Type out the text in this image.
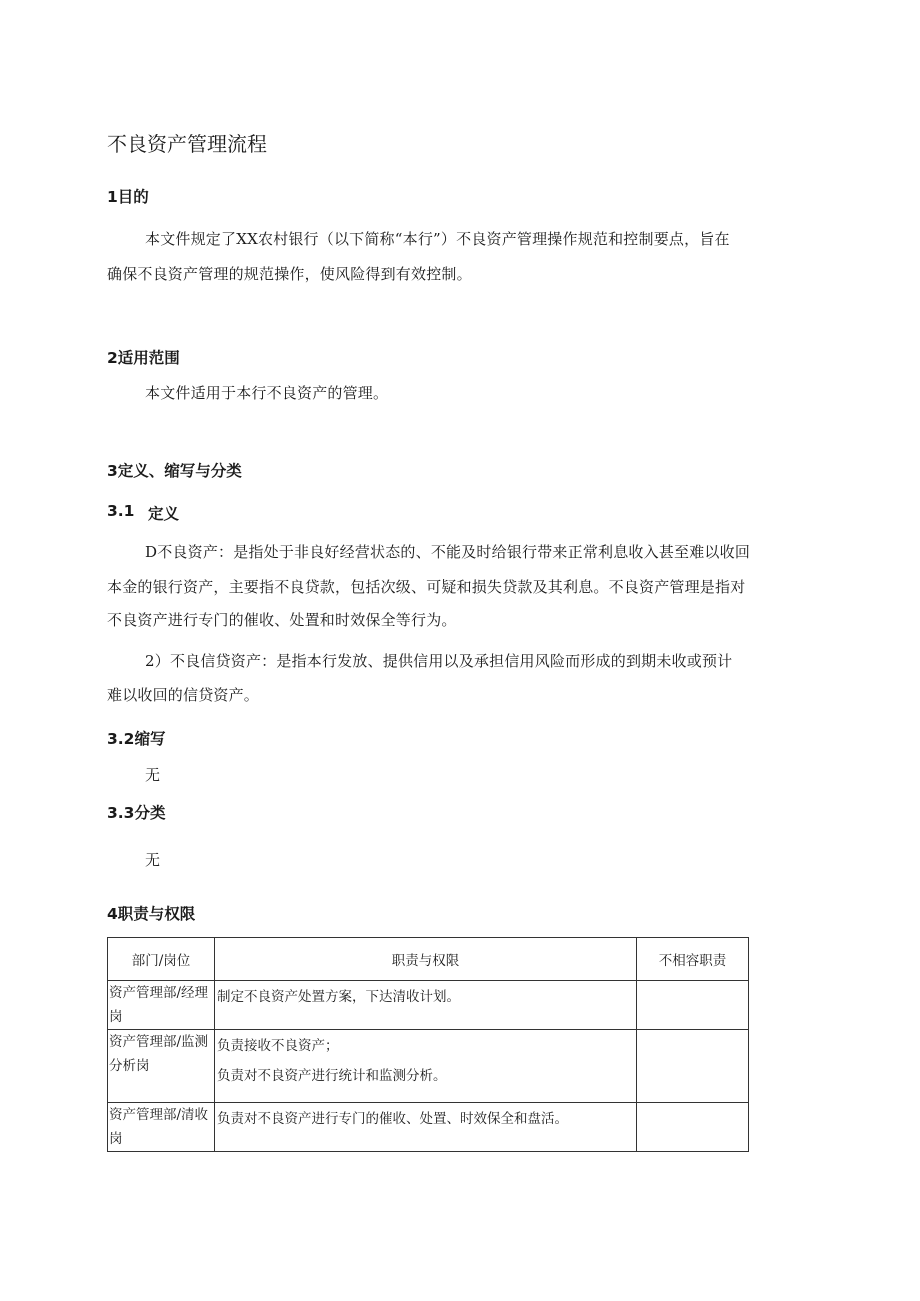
不良资产管理流程
1目的
本文件规定了XX农村银行（以下简称“本行”）不良资产管理操作规范和控制要点，旨在
确保不良资产管理的规范操作，使风险得到有效控制。
2适用范围
本文件适用于本行不良资产的管理。
3定义、缩写与分类
3.1 定义
D不良资产：是指处于非良好经营状态的、不能及时给银行带来正常利息收入甚至难以收回
本金的银行资产，主要指不良贷款，包括次级、可疑和损失贷款及其利息。不良资产管理是指对
不良资产进行专门的催收、处置和时效保全等行为。
2）不良信贷资产：是指本行发放、提供信用以及承担信用风险而形成的到期未收或预计
难以收回的信贷资产。
3.2缩写
无
3.3分类
无
4职责与权限
部门/岗位	职责与权限	不相容职责

资产管理部/经理岗	制定不良资产处置方案，下达清收计划。	

资产管理部/监测分析岗	负责接收不良资产；
负责对不良资产进行统计和监测分析。	

资产管理部/清收岗	负责对不良资产进行专门的催收、处置、时效保全和盘活。	
